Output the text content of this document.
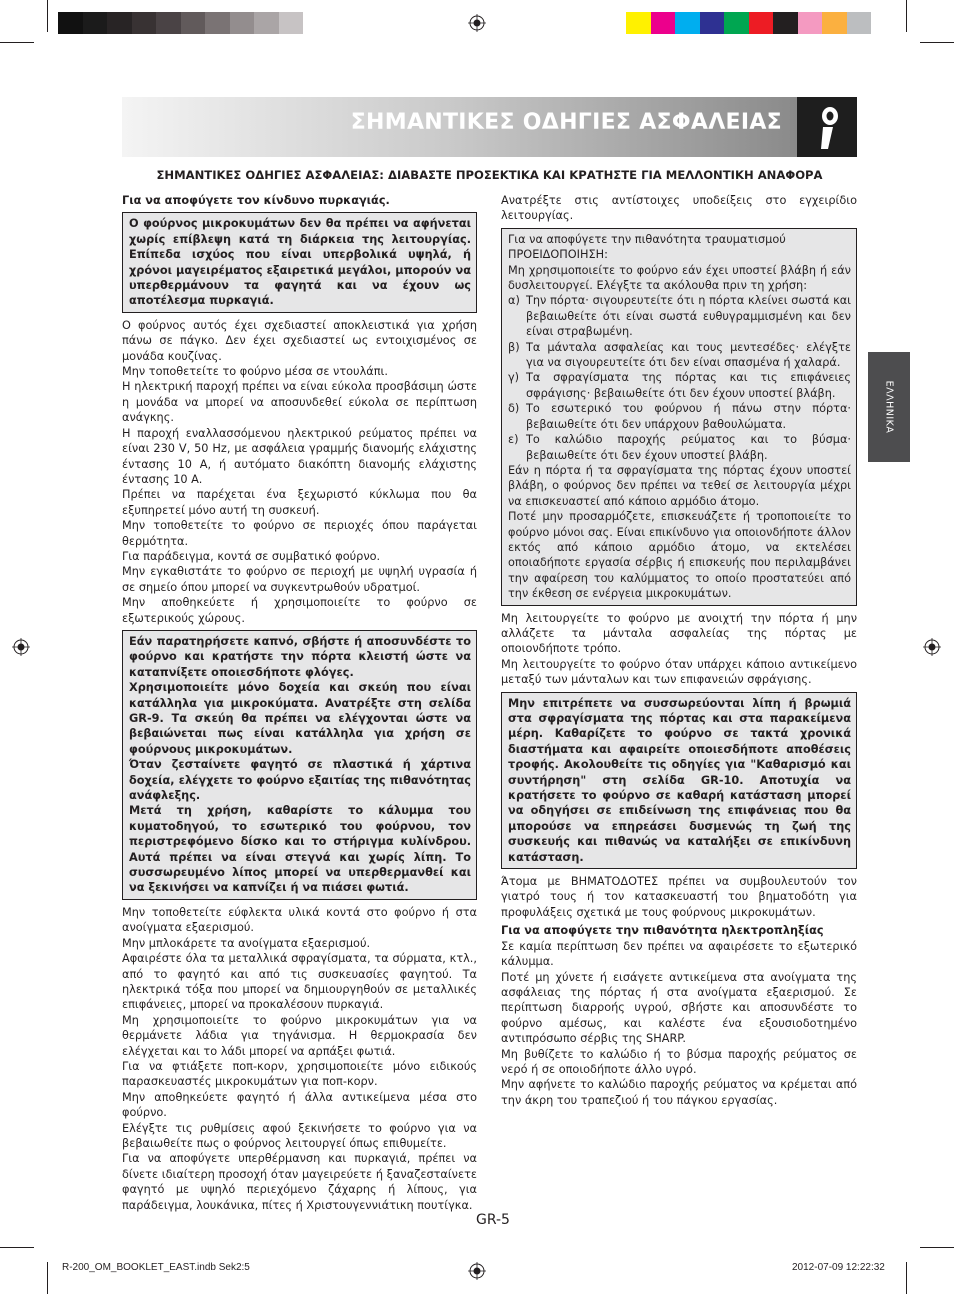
ΣΗΜΑΝΤΙΚΕΣ ΟΔΗΓΙΕΣ ΑΣΦΑΛΕΙΑΣ
ΣΗΜΑΝΤΙΚΕΣ ΟΔΗΓΙΕΣ ΑΣΦΑΛΕΙΑΣ: ΔΙΑΒΑΣΤΕ ΠΡΟΣΕΚΤΙΚΑ ΚΑΙ ΚΡΑΤΗΣΤΕ ΓΙΑ ΜΕΛΛΟΝΤΙΚΗ ΑΝΑΦΟΡΑ
ΕΛΛΗΝΙΚΑ

Για να αποφύγετε τον κίνδυνο πυρκαγιάς.

Ο φούρνος μικροκυμάτων δεν θα πρέπει να αφήνεται χωρίς επίβλεψη κατά τη διάρκεια της λειτουργίας. Επίπεδα ισχύος που είναι υπερβολικά υψηλά, ή χρόνοι μαγειρέματος εξαιρετικά μεγάλοι, μπορούν να υπερθερμάνουν τα φαγητά και να έχουν ως αποτέλεσμα πυρκαγιά.

Ο φούρνος αυτός έχει σχεδιαστεί αποκλειστικά για χρήση πάνω σε πάγκο. Δεν έχει σχεδιαστεί ως εντοιχισμένος σε μονάδα κουζίνας.

Μην τοποθετείτε το φούρνο μέσα σε ντουλάπι.

Η ηλεκτρική παροχή πρέπει να είναι εύκολα προσβάσιμη ώστε η μονάδα να μπορεί να αποσυνδεθεί εύκολα σε περίπτωση ανάγκης.

Η παροχή εναλλασσόμενου ηλεκτρικού ρεύματος πρέπει να είναι 230 V, 50 Hz, με ασφάλεια γραμμής διανομής ελάχιστης έντασης 10 A, ή αυτόματο διακόπτη διανομής ελάχιστης έντασης 10 A.

Πρέπει να παρέχεται ένα ξεχωριστό κύκλωμα που θα εξυπηρετεί μόνο αυτή τη συσκευή.

Μην τοποθετείτε το φούρνο σε περιοχές όπου παράγεται θερμότητα.

Για παράδειγμα, κοντά σε συμβατικό φούρνο.

Μην εγκαθιστάτε το φούρνο σε περιοχή με υψηλή υγρασία ή σε σημείο όπου μπορεί να συγκεντρωθούν υδρατμοί.

Μην αποθηκεύετε ή χρησιμοποιείτε το φούρνο σε εξωτερικούς χώρους.

Εάν παρατηρήσετε καπνό, σβήστε ή αποσυνδέστε το φούρνο και κρατήστε την πόρτα κλειστή ώστε να καταπνίξετε οποιεσδήποτε φλόγες.

Χρησιμοποιείτε μόνο δοχεία και σκεύη που είναι κατάλληλα για μικροκύματα. Ανατρέξτε στη σελίδα GR-9. Τα σκεύη θα πρέπει να ελέγχονται ώστε να βεβαιώνεται πως είναι κατάλληλα για χρήση σε φούρνους μικροκυμάτων.

Όταν ζεσταίνετε φαγητό σε πλαστικά ή χάρτινα δοχεία, ελέγχετε το φούρνο εξαιτίας της πιθανότητας ανάφλεξης.

Μετά τη χρήση, καθαρίστε το κάλυμμα του κυματοδηγού, το εσωτερικό του φούρνου, τον περιστρεφόμενο δίσκο και το στήριγμα κυλίνδρου. Αυτά πρέπει να είναι στεγνά και χωρίς λίπη. Το συσσωρευμένο λίπος μπορεί να υπερθερμανθεί και να ξεκινήσει να καπνίζει ή να πιάσει φωτιά.

Μην τοποθετείτε εύφλεκτα υλικά κοντά στο φούρνο ή στα ανοίγματα εξαερισμού.

Μην μπλοκάρετε τα ανοίγματα εξαερισμού.

Αφαιρέστε όλα τα μεταλλικά σφραγίσματα, τα σύρματα, κτλ., από το φαγητό και από τις συσκευασίες φαγητού. Τα ηλεκτρικά τόξα που μπορεί να δημιουργηθούν σε μεταλλικές επιφάνειες, μπορεί να προκαλέσουν πυρκαγιά.

Μη χρησιμοποιείτε το φούρνο μικροκυμάτων για να θερμάνετε λάδια για τηγάνισμα. Η θερμοκρασία δεν ελέγχεται και το λάδι μπορεί να αρπάξει φωτιά.

Για να φτιάξετε ποπ-κορν, χρησιμοποιείτε μόνο ειδικούς παρασκευαστές μικροκυμάτων για ποπ-κορν.

Μην αποθηκεύετε φαγητό ή άλλα αντικείμενα μέσα στο φούρνο.

Ελέγξτε τις ρυθμίσεις αφού ξεκινήσετε το φούρνο για να βεβαιωθείτε πως ο φούρνος λειτουργεί όπως επιθυμείτε.

Για να αποφύγετε υπερθέρμανση και πυρκαγιά, πρέπει να δίνετε ιδιαίτερη προσοχή όταν μαγειρεύετε ή ξαναζεσταίνετε φαγητό με υψηλό περιεχόμενο ζάχαρης ή λίπους, για παράδειγμα, λουκάνικα, πίτες ή Χριστουγεννιάτικη πουτίγκα.

Ανατρέξτε στις αντίστοιχες υποδείξεις στο εγχειρίδιο λειτουργίας.

Για να αποφύγετε την πιθανότητα τραυματισμού

ΠΡΟΕΙΔΟΠΟΙΗΣΗ:

Μη χρησιμοποιείτε το φούρνο εάν έχει υποστεί βλάβη ή εάν δυσλειτουργεί. Ελέγξτε τα ακόλουθα πριν τη χρήση:

α) Την πόρτα· σιγουρευτείτε ότι η πόρτα κλείνει σωστά και βεβαιωθείτε ότι είναι σωστά ευθυγραμμισμένη και δεν είναι στραβωμένη.
β) Τα μάνταλα ασφαλείας και τους μεντεσέδες· ελέγξτε για να σιγουρευτείτε ότι δεν είναι σπασμένα ή χαλαρά.
γ) Τα σφραγίσματα της πόρτας και τις επιφάνειες σφράγισης· βεβαιωθείτε ότι δεν έχουν υποστεί βλάβη.
δ) Το εσωτερικό του φούρνου ή πάνω στην πόρτα· βεβαιωθείτε ότι δεν υπάρχουν βαθουλώματα.
ε) Το καλώδιο παροχής ρεύματος και το βύσμα· βεβαιωθείτε ότι δεν έχουν υποστεί βλάβη.

Εάν η πόρτα ή τα σφραγίσματα της πόρτας έχουν υποστεί βλάβη, ο φούρνος δεν πρέπει να τεθεί σε λειτουργία μέχρι να επισκευαστεί από κάποιο αρμόδιο άτομο.

Ποτέ μην προσαρμόζετε, επισκευάζετε ή τροποποιείτε το φούρνο μόνοι σας. Είναι επικίνδυνο για οποιονδήποτε άλλον εκτός από κάποιο αρμόδιο άτομο, να εκτελέσει οποιαδήποτε εργασία σέρβις ή επισκευής που περιλαμβάνει την αφαίρεση του καλύμματος το οποίο προστατεύει από την έκθεση σε ενέργεια μικροκυμάτων.

Μη λειτουργείτε το φούρνο με ανοιχτή την πόρτα ή μην αλλάζετε τα μάνταλα ασφαλείας της πόρτας με οποιονδήποτε τρόπο.

Μη λειτουργείτε το φούρνο όταν υπάρχει κάποιο αντικείμενο μεταξύ των μάνταλων και των επιφανειών σφράγισης.

Μην επιτρέπετε να συσσωρεύονται λίπη ή βρωμιά στα σφραγίσματα της πόρτας και στα παρακείμενα μέρη. Καθαρίζετε το φούρνο σε τακτά χρονικά διαστήματα και αφαιρείτε οποιεσδήποτε αποθέσεις τροφής. Ακολουθείτε τις οδηγίες για "Καθαρισμό και συντήρηση" στη σελίδα GR-10. Αποτυχία να κρατήσετε το φούρνο σε καθαρή κατάσταση μπορεί να οδηγήσει σε επιδείνωση της επιφάνειας που θα μπορούσε να επηρεάσει δυσμενώς τη ζωή της συσκευής και πιθανώς να καταλήξει σε επικίνδυνη κατάσταση.

Άτομα με ΒΗΜΑΤΟΔΟΤΕΣ πρέπει να συμβουλευτούν τον γιατρό τους ή τον κατασκευαστή του βηματοδότη για προφυλάξεις σχετικά με τους φούρνους μικροκυμάτων.

Για να αποφύγετε την πιθανότητα ηλεκτροπληξίας

Σε καμία περίπτωση δεν πρέπει να αφαιρέσετε το εξωτερικό κάλυμμα.

Ποτέ μη χύνετε ή εισάγετε αντικείμενα στα ανοίγματα της ασφάλειας της πόρτας ή στα ανοίγματα εξαερισμού. Σε περίπτωση διαρροής υγρού, σβήστε και αποσυνδέστε το φούρνο αμέσως, και καλέστε ένα εξουσιοδοτημένο αντιπρόσωπο σέρβις της SHARP.

Μη βυθίζετε το καλώδιο ή το βύσμα παροχής ρεύματος σε νερό ή σε οποιοδήποτε άλλο υγρό.

Μην αφήνετε το καλώδιο παροχής ρεύματος να κρέμεται από την άκρη του τραπεζιού ή του πάγκου εργασίας.

GR-5
R-200_OM_BOOKLET_EAST.indb Sek2:5	2012-07-09 12:22:32
